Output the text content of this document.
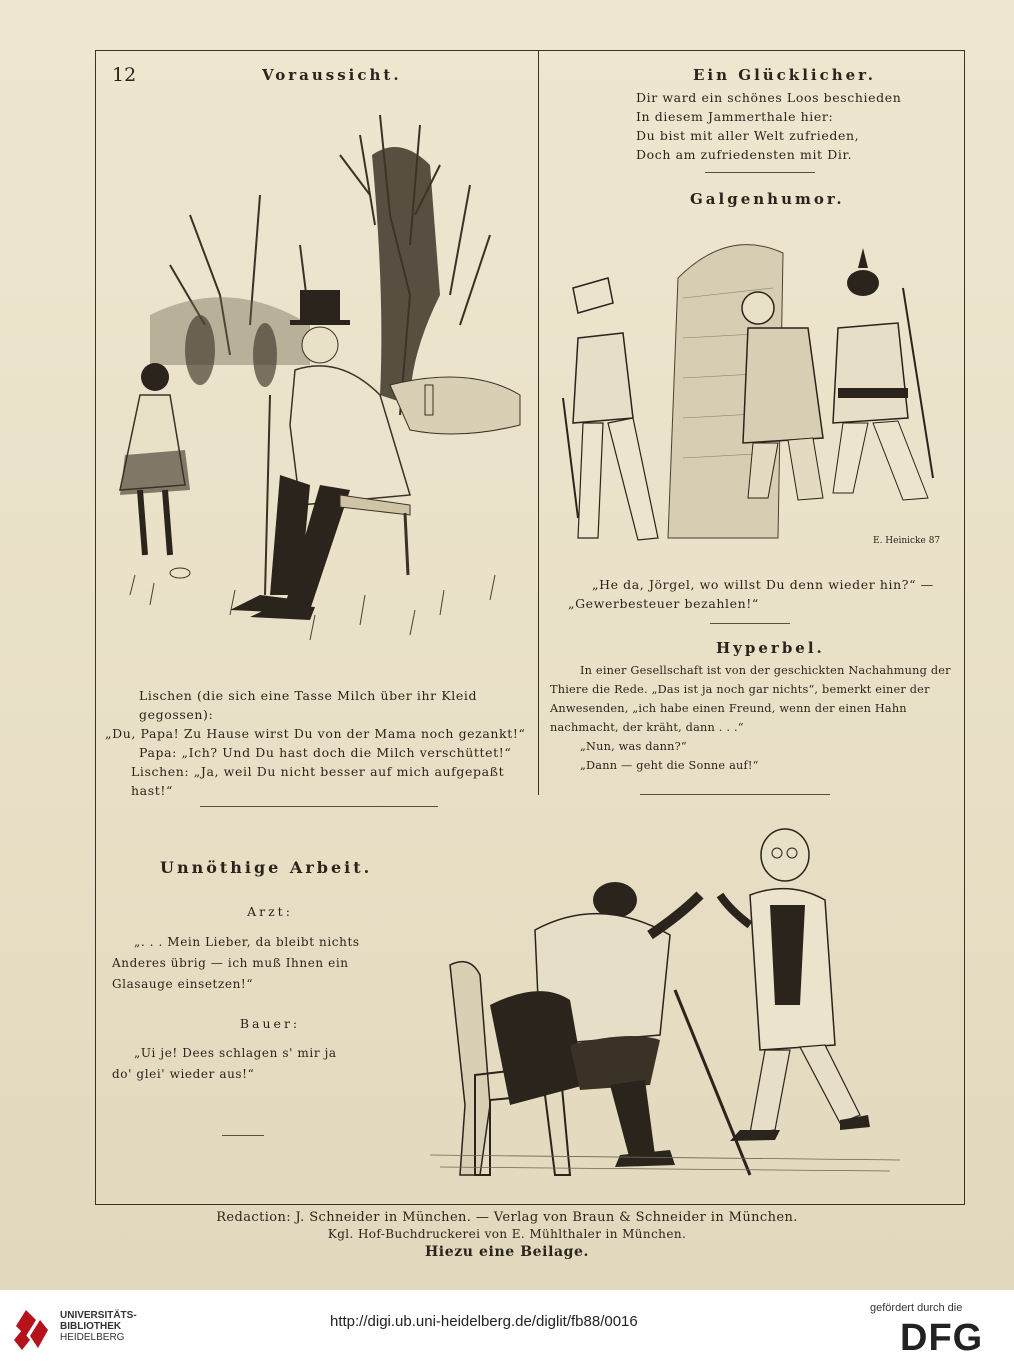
12	Voraussicht.
Lischen (die sich eine Tasse Milch über ihr Kleid gegossen):
„Du, Papa! Zu Hause wirst Du von der Mama noch gezankt!“
Papa: „Ich? Und Du hast doch die Milch verschüttet!“
Lischen: „Ja, weil Du nicht besser auf mich aufgepaßt hast!“
Ein Glücklicher.
Dir ward ein schönes Loos beschieden
In diesem Jammerthale hier:
Du bist mit aller Welt zufrieden,
Doch am zufriedensten mit Dir.
Galgenhumor.
E. Heinicke 87
„He da, Jörgel, wo willst Du denn wieder hin?“ —
„Gewerbesteuer bezahlen!“
Hyperbel.
In einer Gesellschaft ist von der geschickten Nachahmung der
Thiere die Rede. „Das ist ja noch gar nichts“, bemerkt einer der
Anwesenden, „ich habe einen Freund, wenn der einen Hahn
nachmacht, der kräht, dann . . .“
„Nun, was dann?“
„Dann — geht die Sonne auf!“
Unnöthige Arbeit.
Arzt:
„. . . Mein Lieber, da bleibt nichts
Anderes übrig — ich muß Ihnen ein
Glasauge einsetzen!“
Bauer:
„Ui je! Dees schlagen s' mir ja
do' glei' wieder aus!“
Redaction: J. Schneider in München. — Verlag von Braun & Schneider in München.
Kgl. Hof-Buchdruckerei von E. Mühlthaler in München.
Hiezu eine Beilage.
UNIVERSITÄTS-
BIBLIOTHEK
HEIDELBERG
http://digi.ub.uni-heidelberg.de/diglit/fb88/0016
gefördert durch die
DFG
